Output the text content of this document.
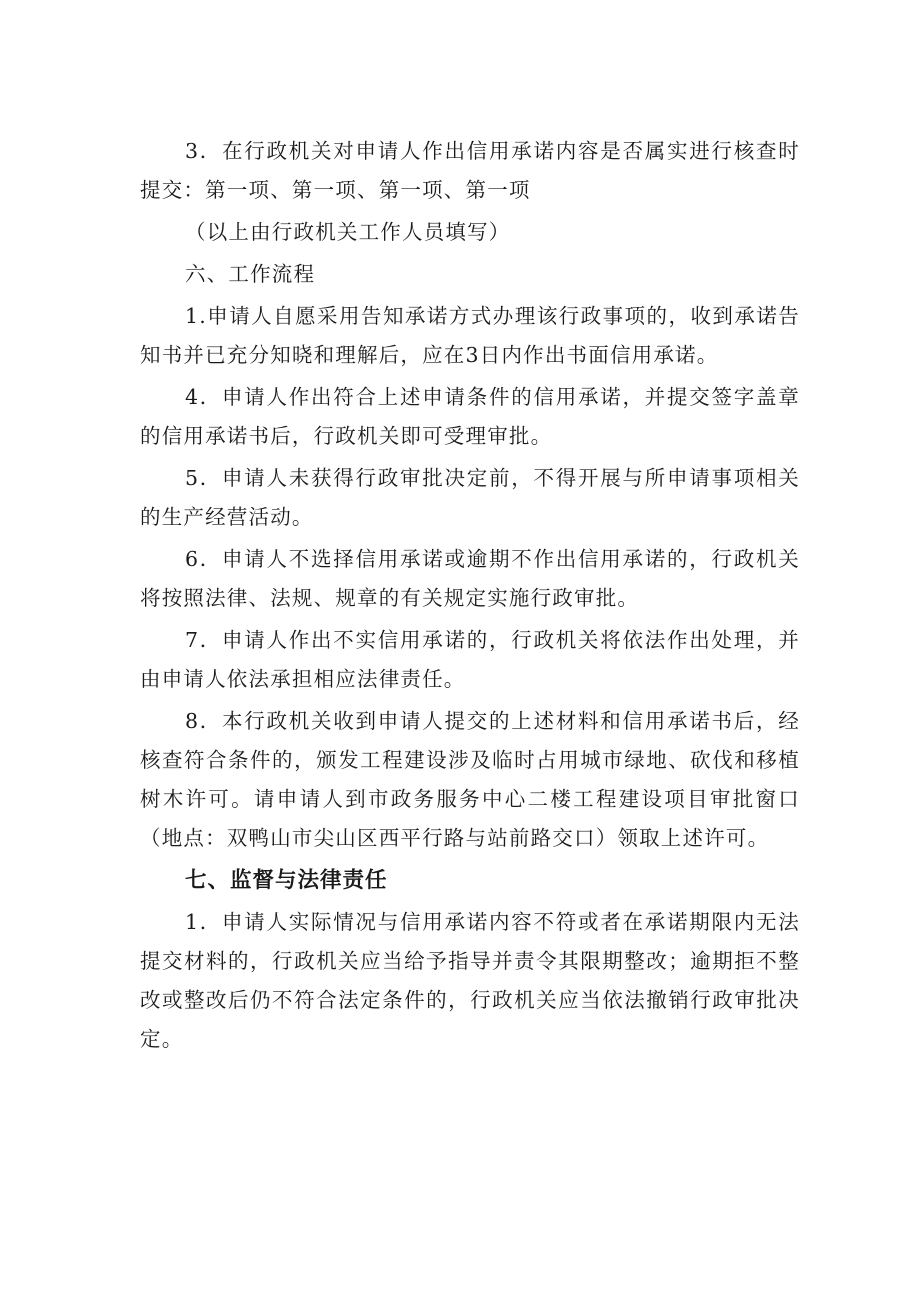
3．在行政机关对申请人作出信用承诺内容是否属实进行核查时提交：第一项、第一项、第一项、第一项

（以上由行政机关工作人员填写）

六、工作流程

1.申请人自愿采用告知承诺方式办理该行政事项的，收到承诺告知书并已充分知晓和理解后，应在3日内作出书面信用承诺。

4．申请人作出符合上述申请条件的信用承诺，并提交签字盖章的信用承诺书后，行政机关即可受理审批。

5．申请人未获得行政审批决定前，不得开展与所申请事项相关的生产经营活动。

6．申请人不选择信用承诺或逾期不作出信用承诺的，行政机关将按照法律、法规、规章的有关规定实施行政审批。

7．申请人作出不实信用承诺的，行政机关将依法作出处理，并由申请人依法承担相应法律责任。

8．本行政机关收到申请人提交的上述材料和信用承诺书后，经核查符合条件的，颁发工程建设涉及临时占用城市绿地、砍伐和移植树木许可。请申请人到市政务服务中心二楼工程建设项目审批窗口（地点：双鸭山市尖山区西平行路与站前路交口）领取上述许可。

七、监督与法律责任

1．申请人实际情况与信用承诺内容不符或者在承诺期限内无法提交材料的，行政机关应当给予指导并责令其限期整改；逾期拒不整改或整改后仍不符合法定条件的，行政机关应当依法撤销行政审批决定。
